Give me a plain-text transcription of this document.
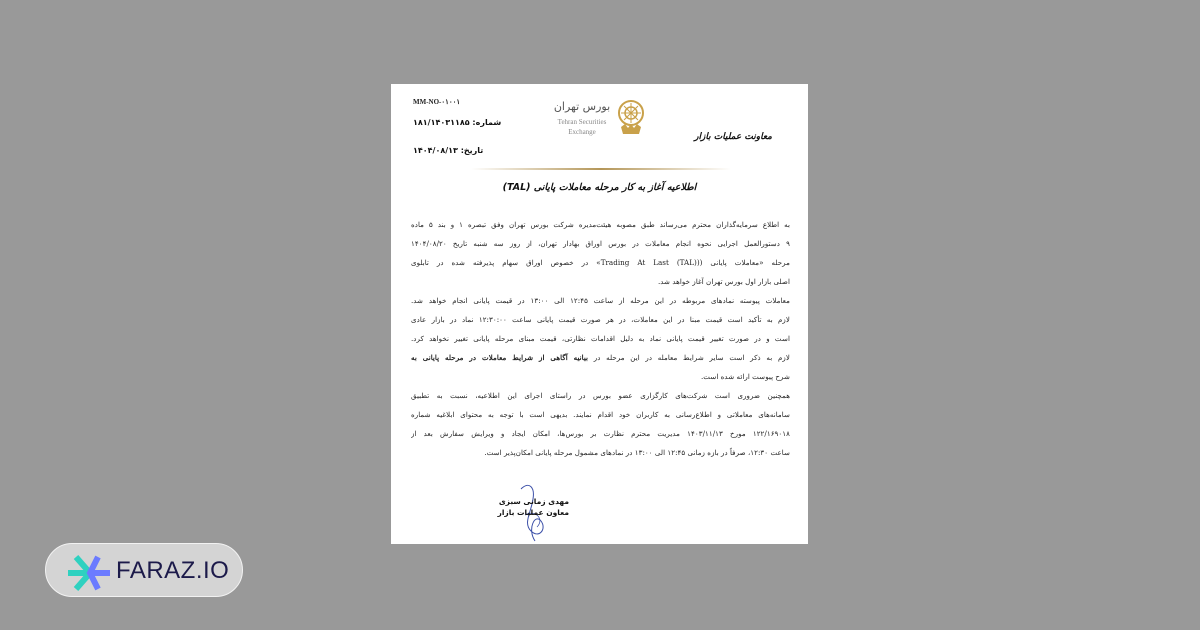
MM-NO-۰۱۰۰۱
شماره: ۱۸۱/۱۴۰۳۱۱۸۵
تاریخ: ۱۴۰۴/۰۸/۱۳
معاونت عملیات بازار
بورس تهران
Tehran Securities
Exchange
اطلاعیه آغاز به کار مرحله معاملات پایانی (TAL)
به اطلاع سرمایه‌گذاران محترم می‌رساند طبق مصوبه هیئت‌مدیره شرکت بورس تهران وفق تبصره ۱ و بند ۵ ماده
۹ دستورالعمل اجرایی نحوه انجام معاملات در بورس اوراق بهادار تهران، از روز سه شنبه تاریخ ۱۴۰۴/۰۸/۲۰
مرحله «معاملات پایانی ((Trading At Last (TAL)» در خصوص اوراق سهام پذیرفته شده در تابلوی
اصلی بازار اول بورس تهران آغاز خواهد شد.
معاملات پیوسته نمادهای مربوطه در این مرحله از ساعت ۱۲:۴۵ الی ۱۳:۰۰ در قیمت پایانی انجام خواهد شد.
لازم به تأکید است قیمت مبنا در این معاملات، در هر صورت قیمت پایانی ساعت ۱۲:۳۰:۰۰ نماد در بازار عادی
است و در صورت تغییر قیمت پایانی نماد به دلیل اقدامات نظارتی، قیمت مبنای مرحله پایانی تغییر نخواهد کرد.
لازم به ذکر است سایر شرایط معامله در این مرحله در بیانیه آگاهی از شرایط معاملات در مرحله پایانی به
شرح پیوست ارائه شده است.
همچنین ضروری است شرکت‌های کارگزاری عضو بورس در راستای اجرای این اطلاعیه، نسبت به تطبیق
سامانه‌های معاملاتی و اطلاع‌رسانی به کاربران خود اقدام نمایند. بدیهی است با توجه به محتوای ابلاغیه شماره
۱۲۲/۱۶۹۰۱۸ مورخ ۱۴۰۳/۱۱/۱۳ مدیریت محترم نظارت بر بورس‌ها، امکان ایجاد و ویرایش سفارش بعد از
ساعت ۱۲:۳۰، صرفاً در بازه زمانی ۱۲:۴۵ الی ۱۳:۰۰ در نمادهای مشمول مرحله پایانی امکان‌پذیر است.
مهدی زمانی سبزی
معاون عملیات بازار
FARAZ.IO
